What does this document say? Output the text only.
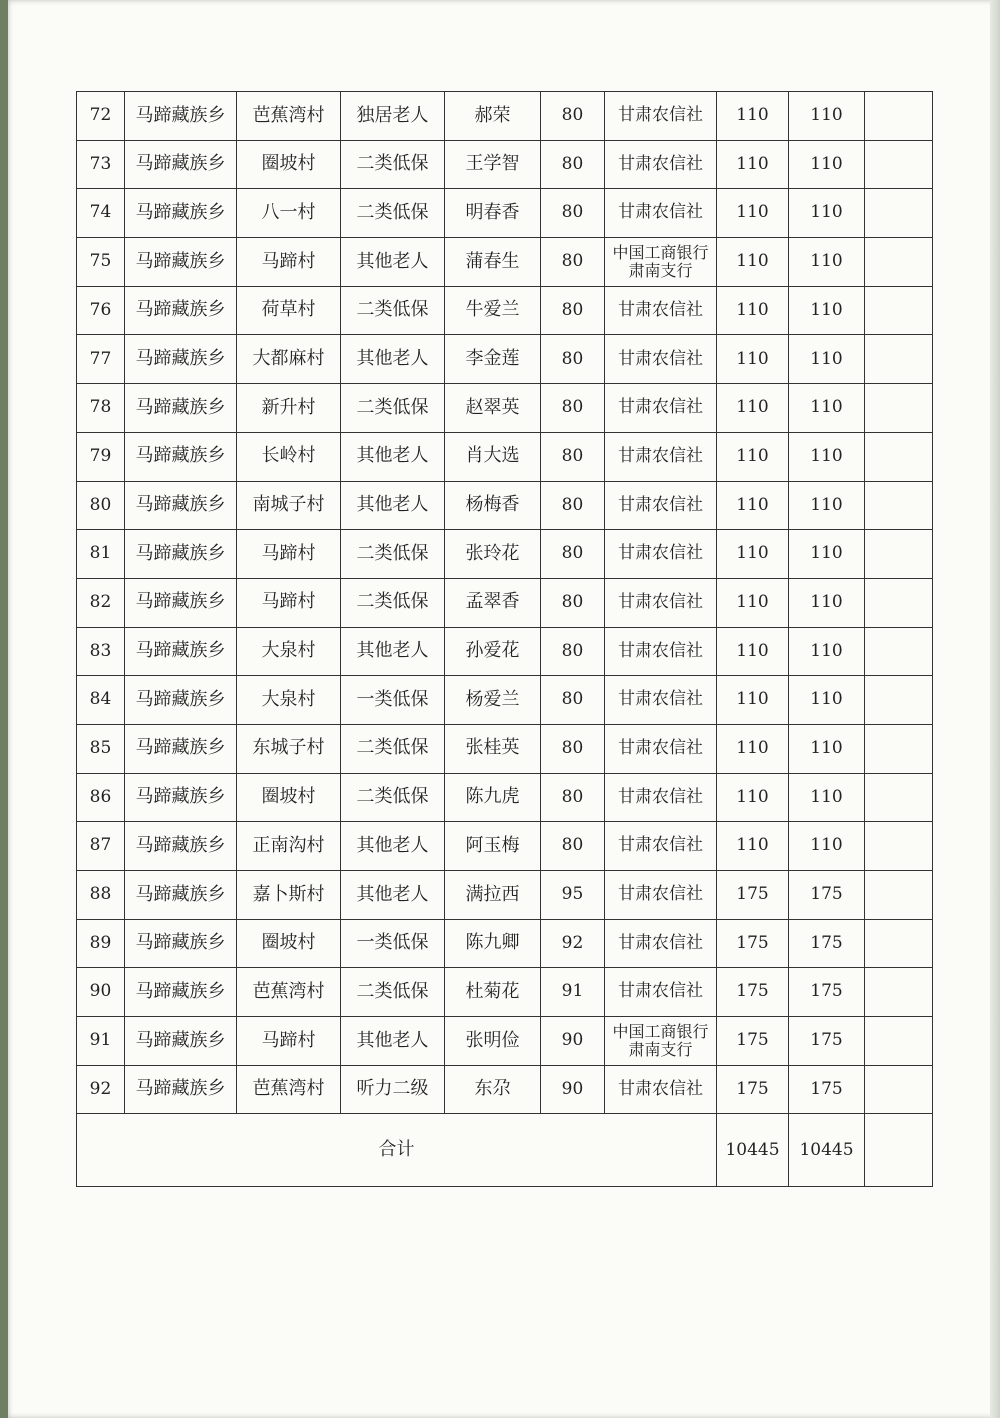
72	马蹄藏族乡	芭蕉湾村	独居老人	郝荣	80	甘肃农信社	110	110	
73	马蹄藏族乡	圈坡村	二类低保	王学智	80	甘肃农信社	110	110	
74	马蹄藏族乡	八一村	二类低保	明春香	80	甘肃农信社	110	110	
75	马蹄藏族乡	马蹄村	其他老人	蒲春生	80	中国工商银行肃南支行	110	110	
76	马蹄藏族乡	荷草村	二类低保	牛爱兰	80	甘肃农信社	110	110	
77	马蹄藏族乡	大都麻村	其他老人	李金莲	80	甘肃农信社	110	110	
78	马蹄藏族乡	新升村	二类低保	赵翠英	80	甘肃农信社	110	110	
79	马蹄藏族乡	长岭村	其他老人	肖大选	80	甘肃农信社	110	110	
80	马蹄藏族乡	南城子村	其他老人	杨梅香	80	甘肃农信社	110	110	
81	马蹄藏族乡	马蹄村	二类低保	张玲花	80	甘肃农信社	110	110	
82	马蹄藏族乡	马蹄村	二类低保	孟翠香	80	甘肃农信社	110	110	
83	马蹄藏族乡	大泉村	其他老人	孙爱花	80	甘肃农信社	110	110	
84	马蹄藏族乡	大泉村	一类低保	杨爱兰	80	甘肃农信社	110	110	
85	马蹄藏族乡	东城子村	二类低保	张桂英	80	甘肃农信社	110	110	
86	马蹄藏族乡	圈坡村	二类低保	陈九虎	80	甘肃农信社	110	110	
87	马蹄藏族乡	正南沟村	其他老人	阿玉梅	80	甘肃农信社	110	110	
88	马蹄藏族乡	嘉卜斯村	其他老人	满拉西	95	甘肃农信社	175	175	
89	马蹄藏族乡	圈坡村	一类低保	陈九卿	92	甘肃农信社	175	175	
90	马蹄藏族乡	芭蕉湾村	二类低保	杜菊花	91	甘肃农信社	175	175	
91	马蹄藏族乡	马蹄村	其他老人	张明俭	90	中国工商银行肃南支行	175	175	
92	马蹄藏族乡	芭蕉湾村	听力二级	东尕	90	甘肃农信社	175	175	
合计							10445	10445	
